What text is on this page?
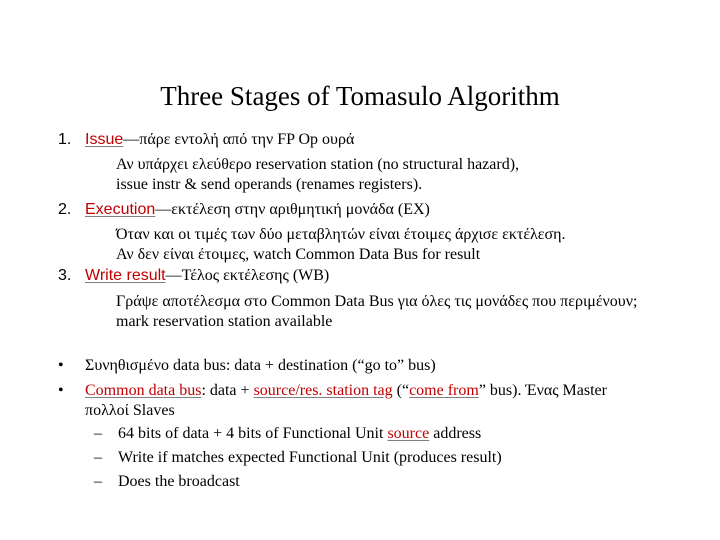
Three Stages of Tomasulo Algorithm
1. Issue—πάρε εντολή από την FP Op ουρά
Αν υπάρχει ελεύθερο reservation station (no structural hazard),
issue instr & send operands (renames registers).
2. Execution—εκτέλεση στην αριθμητική μονάδα (EX)
Όταν και οι τιμές των δύο μεταβλητών είναι έτοιμες άρχισε εκτέλεση.
Αν δεν είναι έτοιμες, watch Common Data Bus for result
3. Write result—Τέλος εκτέλεσης (WB)
Γράψε αποτέλεσμα στο Common Data Bus για όλες τις μονάδες που περιμένουν;
mark reservation station available
• Συνηθισμένο data bus: data + destination (“go to” bus)
• Common data bus: data + source/res. station tag (“come from” bus). Ένας Master
πολλοί Slaves
– 64 bits of data + 4 bits of Functional Unit source address
– Write if matches expected Functional Unit (produces result)
– Does the broadcast
